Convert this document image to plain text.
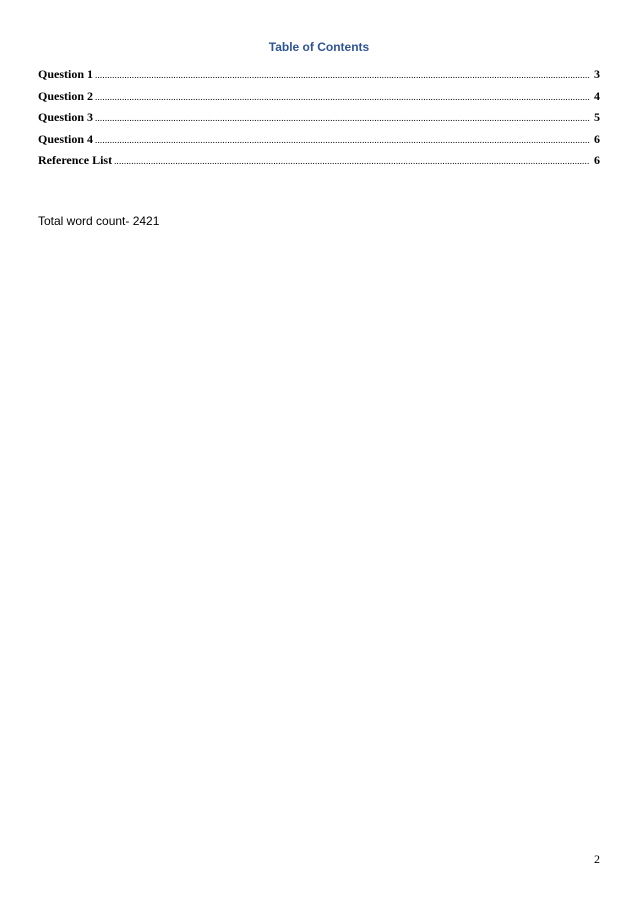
Table of Contents
Question 1 .....	3
Question 2 .....	4
Question 3 .....	5
Question 4 .....	6
Reference List .....	6
Total word count- 2421
2
